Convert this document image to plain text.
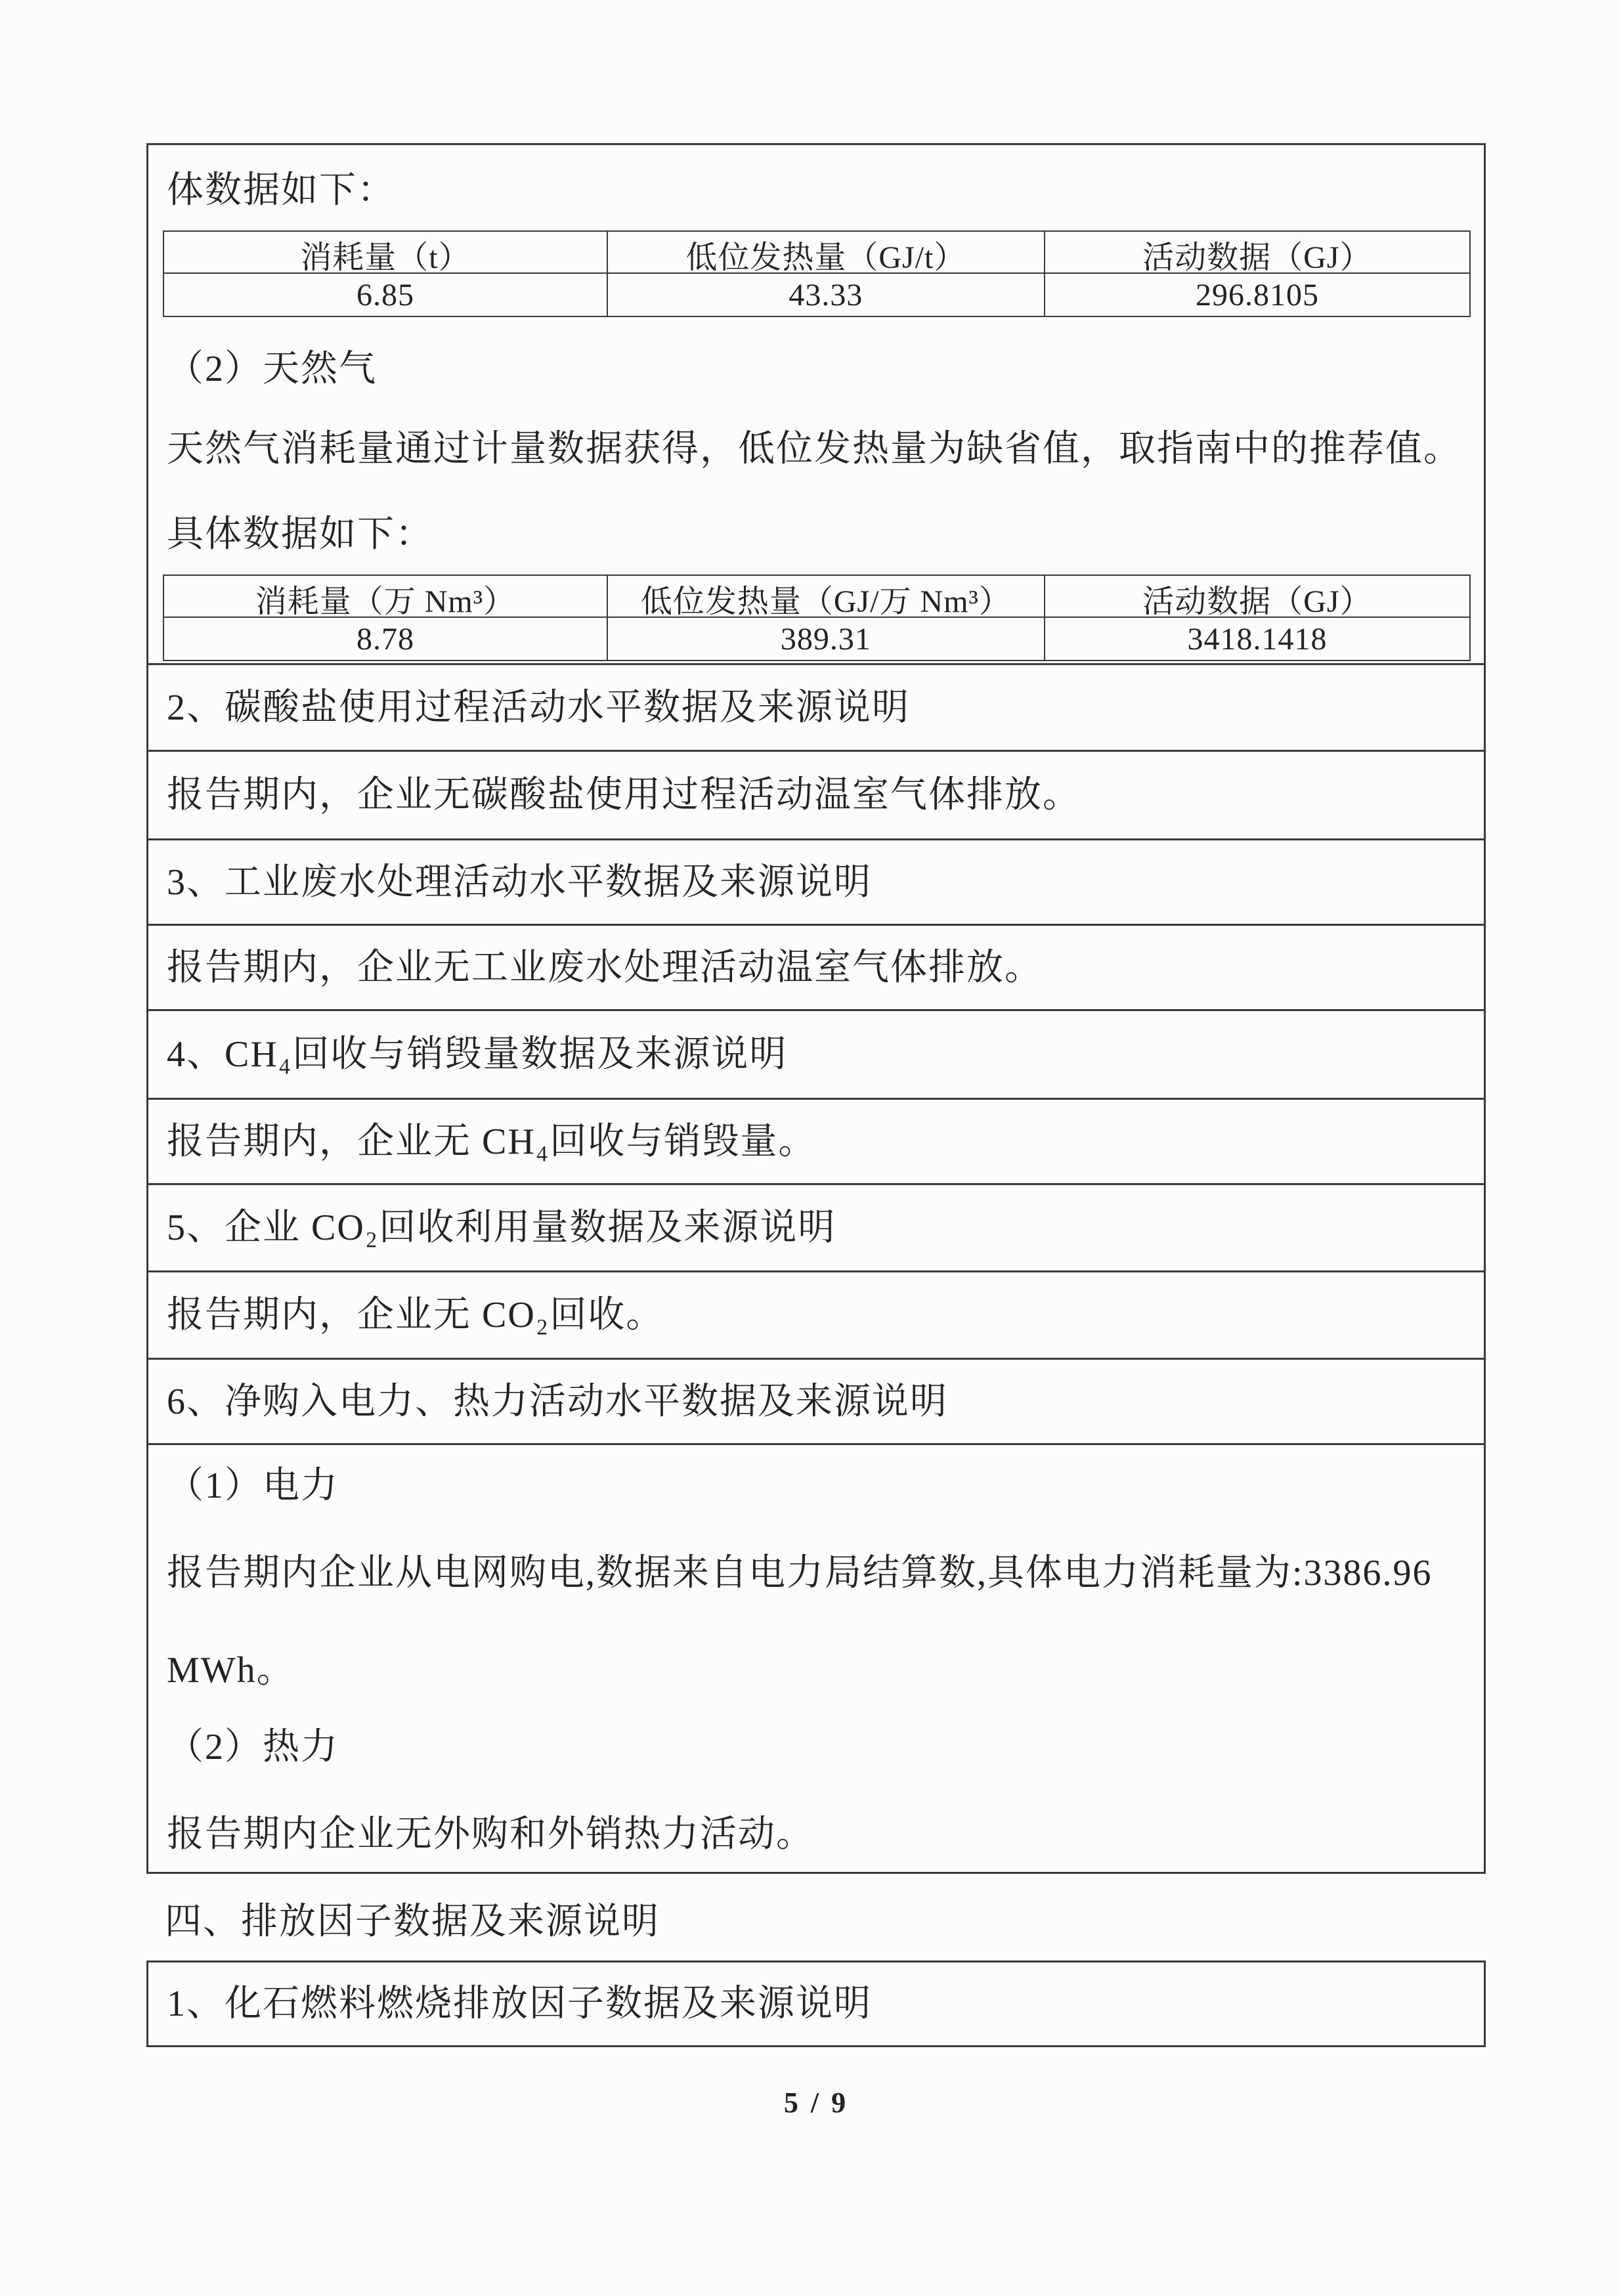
体数据如下：
消耗量（t）	低位发热量（GJ/t）	活动数据（GJ）
6.85	43.33	296.8105
（2）天然气
天然气消耗量通过计量数据获得，低位发热量为缺省值，取指南中的推荐值。
具体数据如下：
消耗量（万 Nm³）	低位发热量（GJ/万 Nm³）	活动数据（GJ）
8.78	389.31	3418.1418
2、碳酸盐使用过程活动水平数据及来源说明
报告期内，企业无碳酸盐使用过程活动温室气体排放。
3、工业废水处理活动水平数据及来源说明
报告期内，企业无工业废水处理活动温室气体排放。
4、CH₄回收与销毁量数据及来源说明
报告期内，企业无 CH₄回收与销毁量。
5、企业 CO₂回收利用量数据及来源说明
报告期内，企业无 CO₂回收。
6、净购入电力、热力活动水平数据及来源说明
（1）电力
报告期内企业从电网购电,数据来自电力局结算数,具体电力消耗量为:3386.96
MWh。
（2）热力
报告期内企业无外购和外销热力活动。
四、排放因子数据及来源说明
1、化石燃料燃烧排放因子数据及来源说明
5 / 9
